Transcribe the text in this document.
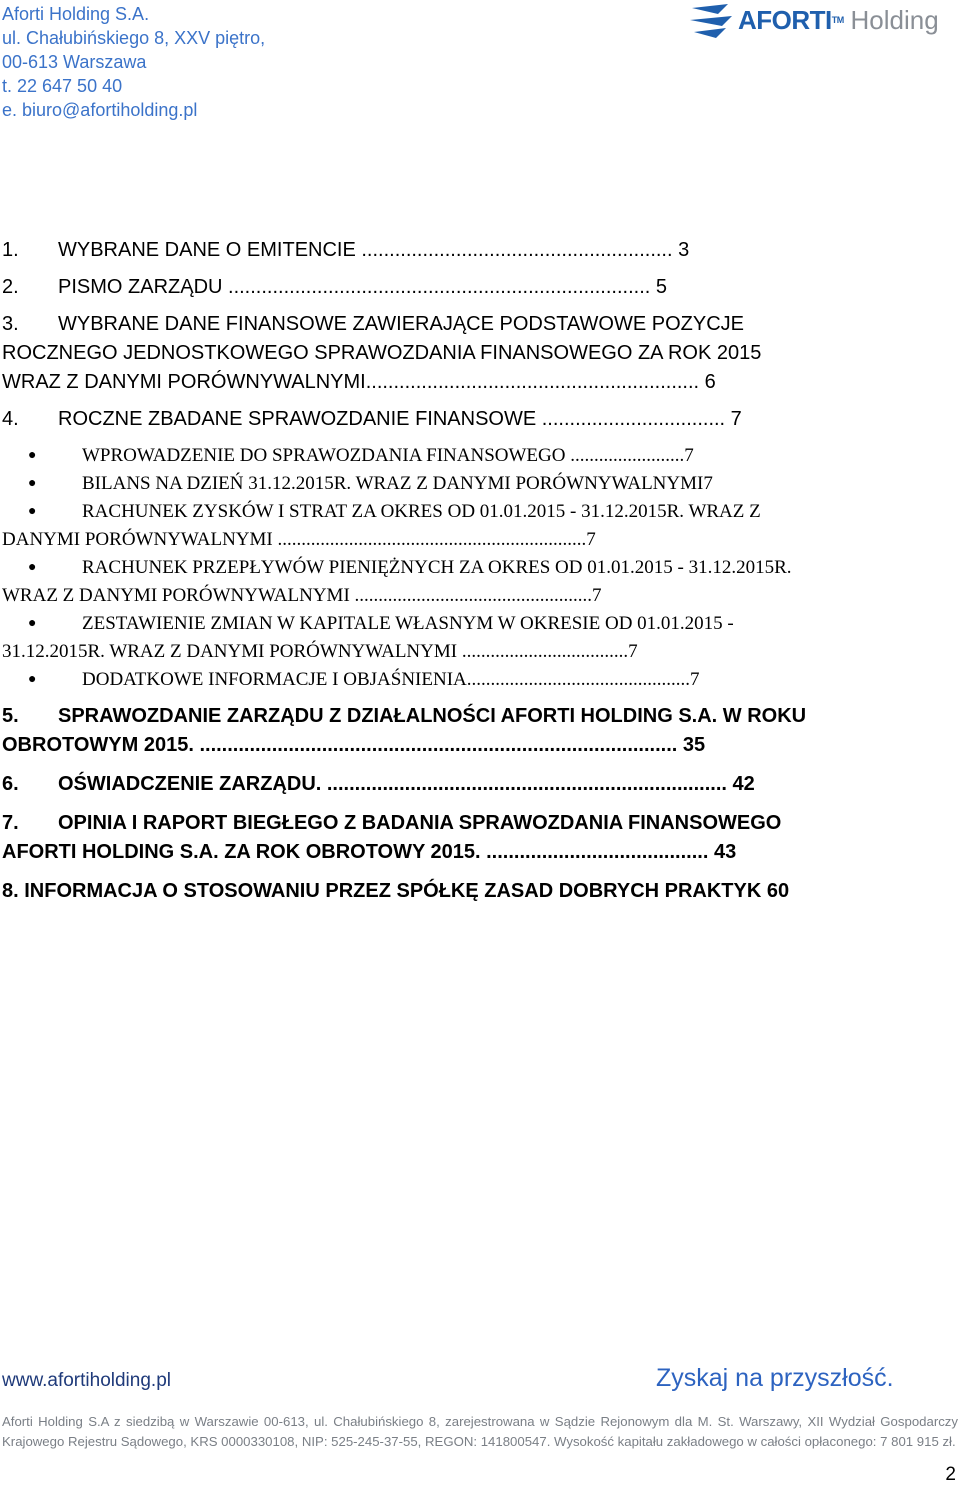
Aforti Holding S.A.
ul. Chałubińskiego 8, XXV piętro,
00-613 Warszawa
t. 22 647 50 40
e. biuro@afortiholding.pl
AFORTI™ Holding
1. WYBRANE DANE O EMITENCIE ........................................................ 3
2. PISMO ZARZĄDU ............................................................................ 5
3. WYBRANE DANE FINANSOWE ZAWIERAJĄCE PODSTAWOWE POZYCJE
ROCZNEGO JEDNOSTKOWEGO SPRAWOZDANIA FINANSOWEGO ZA ROK 2015
WRAZ Z DANYMI PORÓWNYWALNYMI............................................................ 6
4. ROCZNE ZBADANE SPRAWOZDANIE FINANSOWE ................................. 7
● WPROWADZENIE DO SPRAWOZDANIA FINANSOWEGO ........................7
● BILANS NA DZIEŃ 31.12.2015R. WRAZ Z DANYMI PORÓWNYWALNYMI7
● RACHUNEK ZYSKÓW I STRAT ZA OKRES OD 01.01.2015 - 31.12.2015R. WRAZ Z
DANYMI PORÓWNYWALNYMI .................................................................7
● RACHUNEK PRZEPŁYWÓW PIENIĘŻNYCH ZA OKRES OD 01.01.2015 - 31.12.2015R.
WRAZ Z DANYMI PORÓWNYWALNYMI ..................................................7
● ZESTAWIENIE ZMIAN W KAPITALE WŁASNYM W OKRESIE OD 01.01.2015 -
31.12.2015R. WRAZ Z DANYMI PORÓWNYWALNYMI ...................................7
● DODATKOWE INFORMACJE I OBJAŚNIENIA...............................................7
5. SPRAWOZDANIE ZARZĄDU Z DZIAŁALNOŚCI AFORTI HOLDING S.A. W ROKU
OBROTOWYM 2015. ...................................................................................... 35
6. OŚWIADCZENIE ZARZĄDU. ........................................................................ 42
7. OPINIA I RAPORT BIEGŁEGO Z BADANIA SPRAWOZDANIA FINANSOWEGO
AFORTI HOLDING S.A. ZA ROK OBROTOWY 2015. ........................................ 43
8. INFORMACJA O STOSOWANIU PRZEZ SPÓŁKĘ ZASAD DOBRYCH PRAKTYK 60
www.afortiholding.pl	Zyskaj na przyszłość.
Aforti Holding S.A z siedzibą w Warszawie 00-613, ul. Chałubińskiego 8, zarejestrowana w Sądzie Rejonowym dla M. St. Warszawy, XII Wydział Gospodarczy Krajowego Rejestru Sądowego, KRS 0000330108, NIP: 525-245-37-55, REGON: 141800547. Wysokość kapitału zakładowego w całości opłaconego: 7 801 915 zł.
2
